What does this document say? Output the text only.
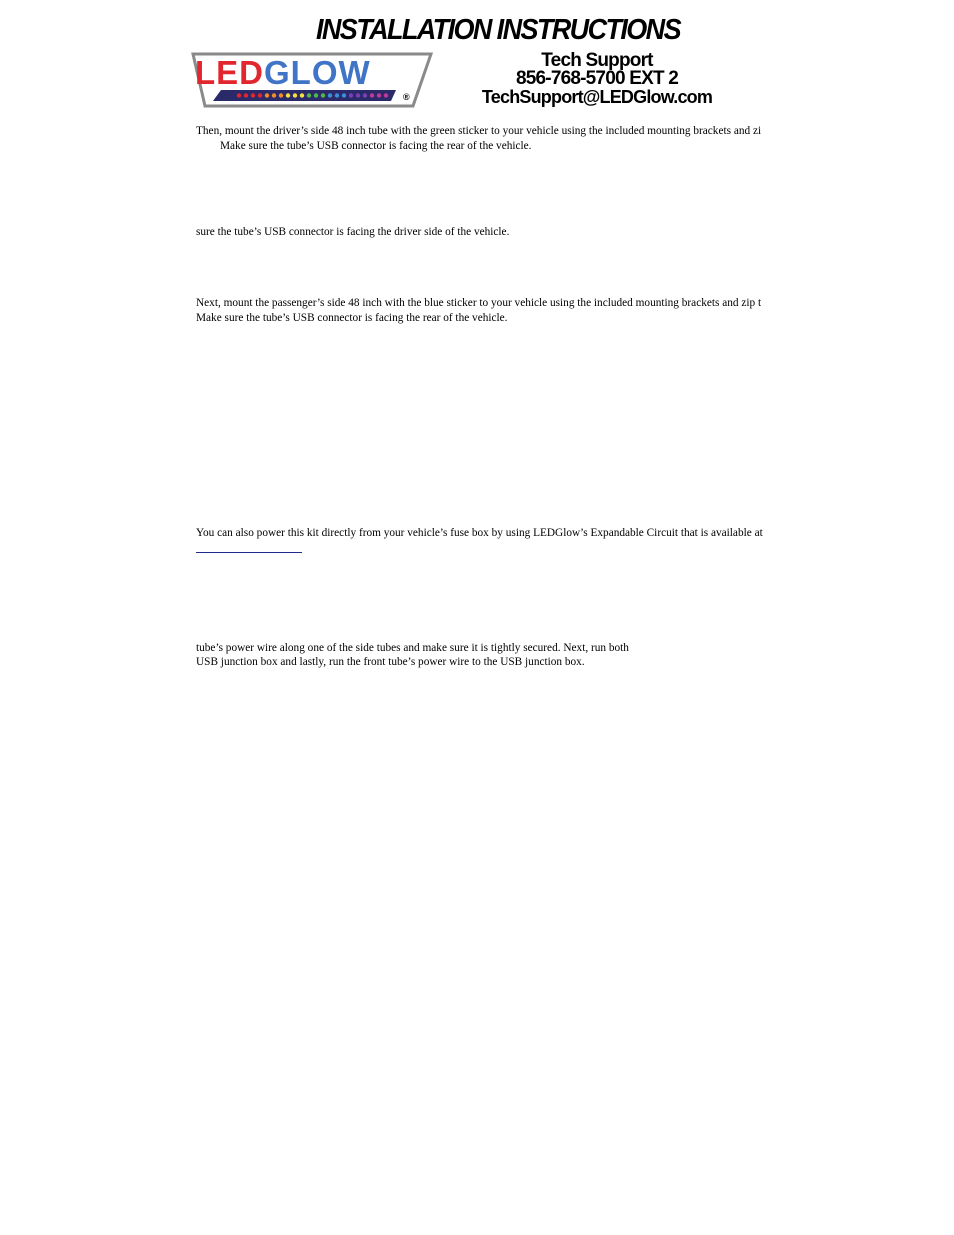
INSTALLATION INSTRUCTIONS
LEDGLOW
®
Tech Support
856-768-5700 EXT 2
TechSupport@LEDGlow.com
Then, mount the driver’s side 48 inch tube with the green sticker to your vehicle using the included mounting brackets and zi
Make sure the tube’s USB connector is facing the rear of the vehicle.
sure the tube’s USB connector is facing the driver side of the vehicle.
Next, mount the passenger’s side 48 inch with the blue sticker to your vehicle using the included mounting brackets and zip t
Make sure the tube’s USB connector is facing the rear of the vehicle.
You can also power this kit directly from your vehicle’s fuse box by using LEDGlow’s Expandable Circuit that is available at
tube’s power wire along one of the side tubes and make sure it is tightly secured. Next, run both
USB junction box and lastly, run the front tube’s power wire to the USB junction box.
